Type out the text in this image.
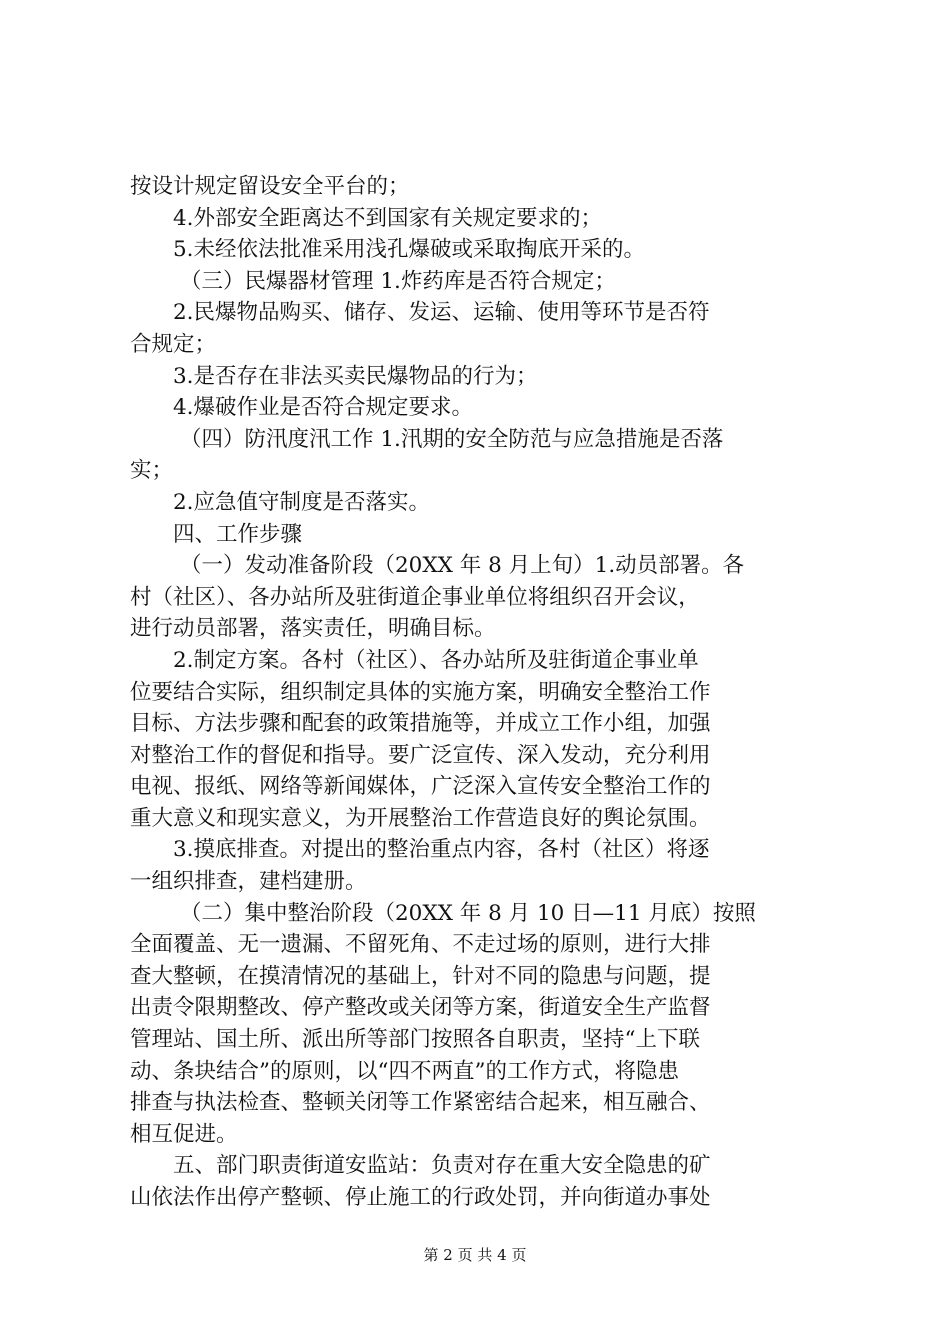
按设计规定留设安全平台的；
4.外部安全距离达不到国家有关规定要求的；
5.未经依法批准采用浅孔爆破或采取掏底开采的。
（三）民爆器材管理 1.炸药库是否符合规定；
2.民爆物品购买、储存、发运、运输、使用等环节是否符
合规定；
3.是否存在非法买卖民爆物品的行为；
4.爆破作业是否符合规定要求。
（四）防汛度汛工作 1.汛期的安全防范与应急措施是否落
实；
2.应急值守制度是否落实。
四、工作步骤
（一）发动准备阶段（20XX 年 8 月上旬）1.动员部署。各
村（社区）、各办站所及驻街道企事业单位将组织召开会议，
进行动员部署，落实责任，明确目标。
2.制定方案。各村（社区）、各办站所及驻街道企事业单
位要结合实际，组织制定具体的实施方案，明确安全整治工作
目标、方法步骤和配套的政策措施等，并成立工作小组，加强
对整治工作的督促和指导。要广泛宣传、深入发动，充分利用
电视、报纸、网络等新闻媒体，广泛深入宣传安全整治工作的
重大意义和现实意义，为开展整治工作营造良好的舆论氛围。
3.摸底排查。对提出的整治重点内容，各村（社区）将逐
一组织排查，建档建册。
（二）集中整治阶段（20XX 年 8 月 10 日—11 月底）按照
全面覆盖、无一遗漏、不留死角、不走过场的原则，进行大排
查大整顿，在摸清情况的基础上，针对不同的隐患与问题，提
出责令限期整改、停产整改或关闭等方案，街道安全生产监督
管理站、国土所、派出所等部门按照各自职责，坚持“上下联
动、条块结合”的原则，以“四不两直”的工作方式，将隐患
排查与执法检查、整顿关闭等工作紧密结合起来，相互融合、
相互促进。
五、部门职责街道安监站：负责对存在重大安全隐患的矿
山依法作出停产整顿、停止施工的行政处罚，并向街道办事处
第 2 页 共 4 页
